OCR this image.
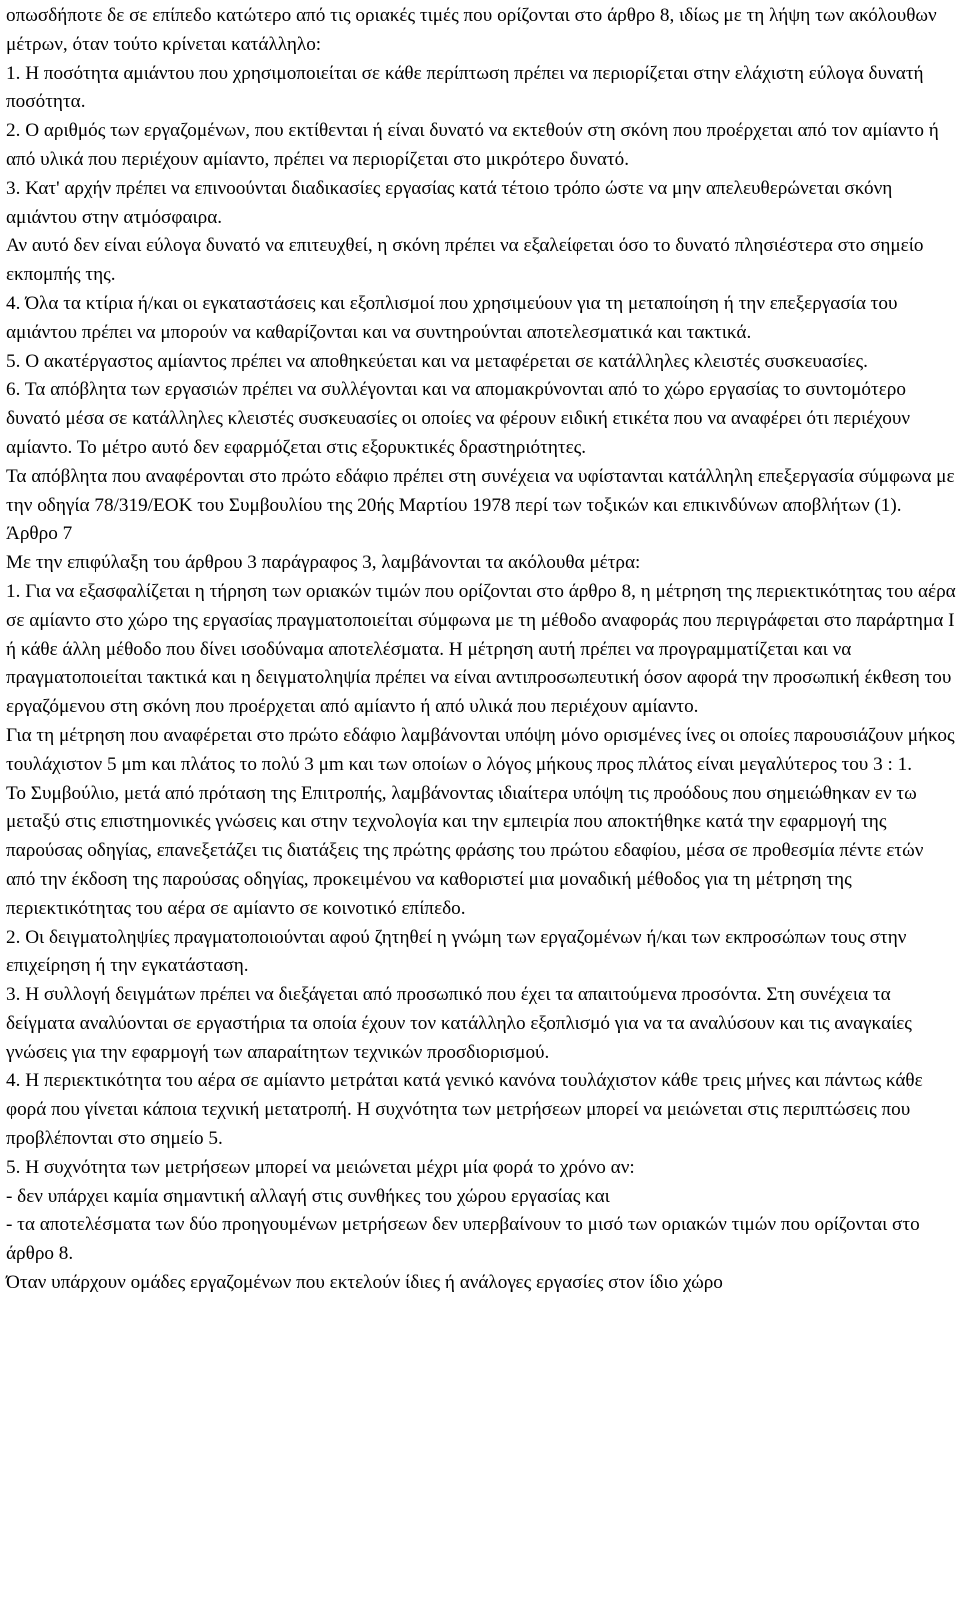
οπωσδήποτε δε σε επίπεδο κατώτερο από τις οριακές τιμές που ορίζονται στο άρθρο 8, ιδίως με τη λήψη των ακόλουθων μέτρων, όταν τούτο κρίνεται κατάλληλο:

1. Η ποσότητα αμιάντου που χρησιμοποιείται σε κάθε περίπτωση πρέπει να περιορίζεται στην ελάχιστη εύλογα δυνατή ποσότητα.

2. Ο αριθμός των εργαζομένων, που εκτίθενται ή είναι δυνατό να εκτεθούν στη σκόνη που προέρχεται από τον αμίαντο ή από υλικά που περιέχουν αμίαντο, πρέπει να περιορίζεται στο μικρότερο δυνατό.

3. Κατ' αρχήν πρέπει να επινοούνται διαδικασίες εργασίας κατά τέτοιο τρόπο ώστε να μην απελευθερώνεται σκόνη αμιάντου στην ατμόσφαιρα.

Αν αυτό δεν είναι εύλογα δυνατό να επιτευχθεί, η σκόνη πρέπει να εξαλείφεται όσο το δυνατό πλησιέστερα στο σημείο εκπομπής της.

4. Όλα τα κτίρια ή/και οι εγκαταστάσεις και εξοπλισμοί που χρησιμεύουν για τη μεταποίηση ή την επεξεργασία του αμιάντου πρέπει να μπορούν να καθαρίζονται και να συντηρούνται αποτελεσματικά και τακτικά.

5. Ο ακατέργαστος αμίαντος πρέπει να αποθηκεύεται και να μεταφέρεται σε κατάλληλες κλειστές συσκευασίες.

6. Τα απόβλητα των εργασιών πρέπει να συλλέγονται και να απομακρύνονται από το χώρο εργασίας το συντομότερο δυνατό μέσα σε κατάλληλες κλειστές συσκευασίες οι οποίες να φέρουν ειδική ετικέτα που να αναφέρει ότι περιέχουν αμίαντο. Το μέτρο αυτό δεν εφαρμόζεται στις εξορυκτικές δραστηριότητες.

Τα απόβλητα που αναφέρονται στο πρώτο εδάφιο πρέπει στη συνέχεια να υφίστανται κατάλληλη επεξεργασία σύμφωνα με την οδηγία 78/319/ΕΟΚ του Συμβουλίου της 20ής Μαρτίου 1978 περί των τοξικών και επικινδύνων αποβλήτων (1).

Άρθρο 7

Με την επιφύλαξη του άρθρου 3 παράγραφος 3, λαμβάνονται τα ακόλουθα μέτρα:

1. Για να εξασφαλίζεται η τήρηση των οριακών τιμών που ορίζονται στο άρθρο 8, η μέτρηση της περιεκτικότητας του αέρα σε αμίαντο στο χώρο της εργασίας πραγματοποιείται σύμφωνα με τη μέθοδο αναφοράς που περιγράφεται στο παράρτημα Ι ή κάθε άλλη μέθοδο που δίνει ισοδύναμα αποτελέσματα. Η μέτρηση αυτή πρέπει να προγραμματίζεται και να πραγματοποιείται τακτικά και η δειγματοληψία πρέπει να είναι αντιπροσωπευτική όσον αφορά την προσωπική έκθεση του εργαζόμενου στη σκόνη που προέρχεται από αμίαντο ή από υλικά που περιέχουν αμίαντο.

Για τη μέτρηση που αναφέρεται στο πρώτο εδάφιο λαμβάνονται υπόψη μόνο ορισμένες ίνες οι οποίες παρουσιάζουν μήκος τουλάχιστον 5 μm και πλάτος το πολύ 3 μm και των οποίων ο λόγος μήκους προς πλάτος είναι μεγαλύτερος του 3 : 1.

Το Συμβούλιο, μετά από πρόταση της Επιτροπής, λαμβάνοντας ιδιαίτερα υπόψη τις προόδους που σημειώθηκαν εν τω μεταξύ στις επιστημονικές γνώσεις και στην τεχνολογία και την εμπειρία που αποκτήθηκε κατά την εφαρμογή της παρούσας οδηγίας, επανεξετάζει τις διατάξεις της πρώτης φράσης του πρώτου εδαφίου, μέσα σε προθεσμία πέντε ετών από την έκδοση της παρούσας οδηγίας, προκειμένου να καθοριστεί μια μοναδική μέθοδος για τη μέτρηση της περιεκτικότητας του αέρα σε αμίαντο σε κοινοτικό επίπεδο.

2. Οι δειγματοληψίες πραγματοποιούνται αφού ζητηθεί η γνώμη των εργαζομένων ή/και των εκπροσώπων τους στην επιχείρηση ή την εγκατάσταση.

3. Η συλλογή δειγμάτων πρέπει να διεξάγεται από προσωπικό που έχει τα απαιτούμενα προσόντα. Στη συνέχεια τα δείγματα αναλύονται σε εργαστήρια τα οποία έχουν τον κατάλληλο εξοπλισμό για να τα αναλύσουν και τις αναγκαίες γνώσεις για την εφαρμογή των απαραίτητων τεχνικών προσδιορισμού.

4. Η περιεκτικότητα του αέρα σε αμίαντο μετράται κατά γενικό κανόνα τουλάχιστον κάθε τρεις μήνες και πάντως κάθε φορά που γίνεται κάποια τεχνική μετατροπή. Η συχνότητα των μετρήσεων μπορεί να μειώνεται στις περιπτώσεις που προβλέπονται στο σημείο 5.

5. Η συχνότητα των μετρήσεων μπορεί να μειώνεται μέχρι μία φορά το χρόνο αν:

- δεν υπάρχει καμία σημαντική αλλαγή στις συνθήκες του χώρου εργασίας και

- τα αποτελέσματα των δύο προηγουμένων μετρήσεων δεν υπερβαίνουν το μισό των οριακών τιμών που ορίζονται στο άρθρο 8.

Όταν υπάρχουν ομάδες εργαζομένων που εκτελούν ίδιες ή ανάλογες εργασίες στον ίδιο χώρο
